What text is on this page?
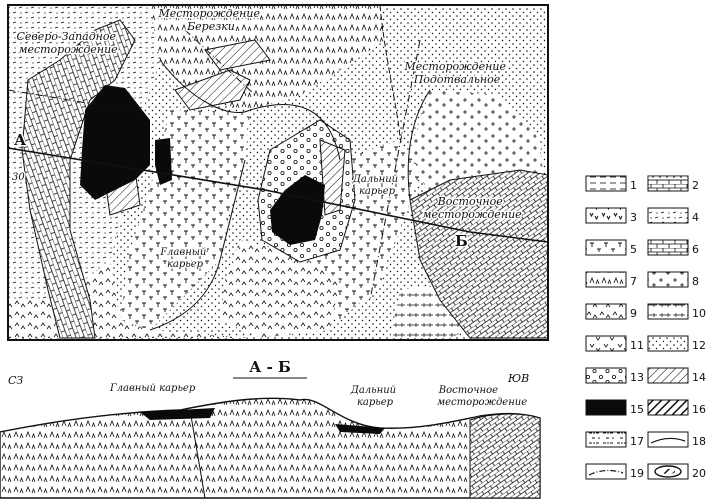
Месторождение Березки
Северо-Западное месторождение
Месторождение Подотвальное
Восточное месторождение
Главный карьер
Дальний карьер
А
Б
30
А - Б
СЗ	ЮВ
Главный карьер	Дальний карьер
Восточное месторождение
1	2
3	4
5	6
7	8
9	10
11	12
13	14
15	16
17	18
19	20
